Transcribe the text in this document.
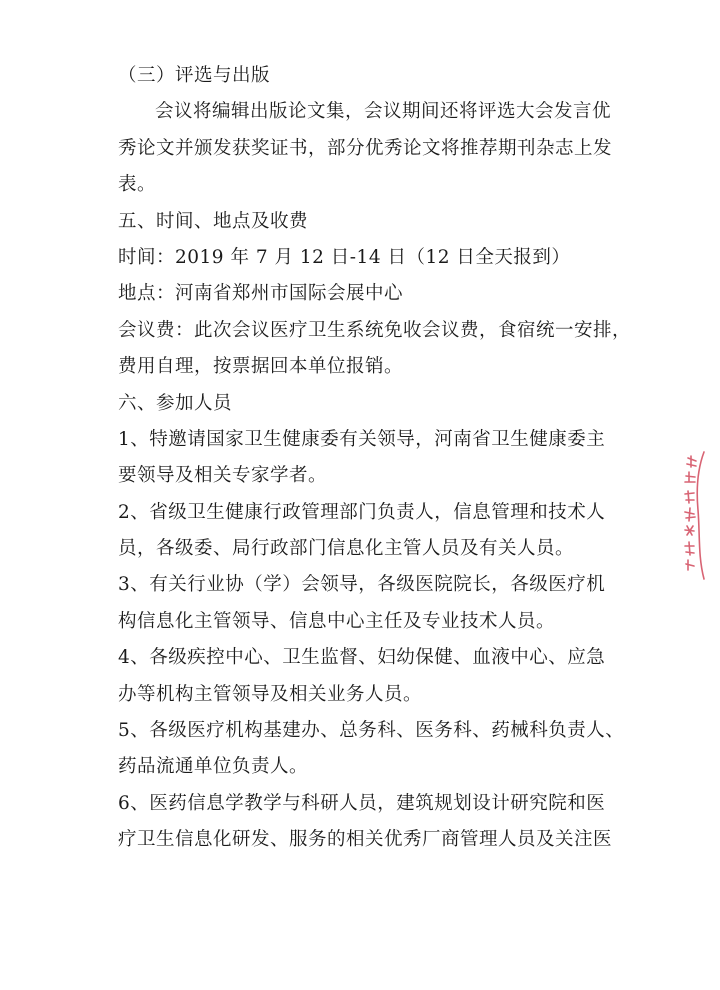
（三）评选与出版
会议将编辑出版论文集，会议期间还将评选大会发言优
秀论文并颁发获奖证书，部分优秀论文将推荐期刊杂志上发
表。
五、时间、地点及收费
时间：2019 年 7 月 12 日-14 日（12 日全天报到）
地点：河南省郑州市国际会展中心
会议费：此次会议医疗卫生系统免收会议费，食宿统一安排，
费用自理，按票据回本单位报销。
六、参加人员
1、特邀请国家卫生健康委有关领导，河南省卫生健康委主
要领导及相关专家学者。
2、省级卫生健康行政管理部门负责人，信息管理和技术人
员，各级委、局行政部门信息化主管人员及有关人员。
3、有关行业协（学）会领导，各级医院院长，各级医疗机
构信息化主管领导、信息中心主任及专业技术人员。
4、各级疾控中心、卫生监督、妇幼保健、血液中心、应急
办等机构主管领导及相关业务人员。
5、各级医疗机构基建办、总务科、医务科、药械科负责人、
药品流通单位负责人。
6、医药信息学教学与科研人员，建筑规划设计研究院和医
疗卫生信息化研发、服务的相关优秀厂商管理人员及关注医
